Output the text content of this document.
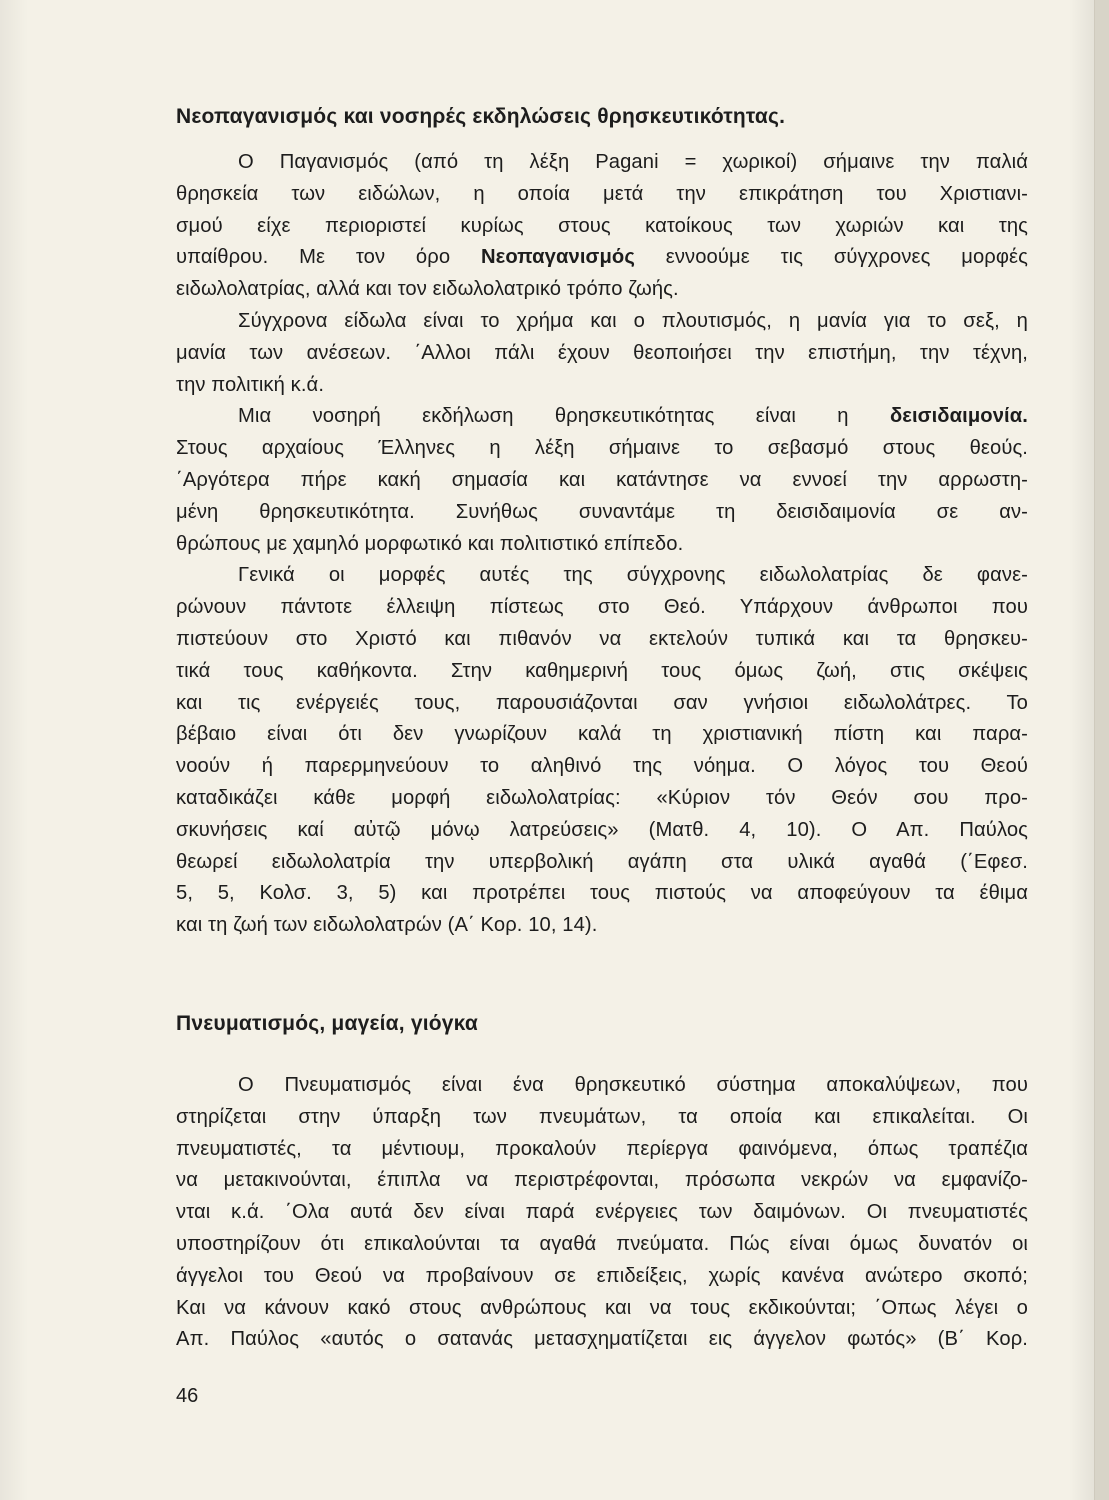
Νεοπαγανισμός και νοσηρές εκδηλώσεις θρησκευτικότητας.
Ο Παγανισμός (από τη λέξη Pagani = χωρικοί) σήμαινε την παλιά
θρησκεία των ειδώλων, η οποία μετά την επικράτηση του Χριστιανι-
σμού είχε περιοριστεί κυρίως στους κατοίκους των χωριών και της
υπαίθρου. Με τον όρο Νεοπαγανισμός εννοούμε τις σύγχρονες μορφές
ειδωλολατρίας, αλλά και τον ειδωλολατρικό τρόπο ζωής.
Σύγχρονα είδωλα είναι το χρήμα και ο πλουτισμός, η μανία για το σεξ, η
μανία των ανέσεων. ΄Αλλοι πάλι έχουν θεοποιήσει την επιστήμη, την τέχνη,
την πολιτική κ.ά.
Μια νοσηρή εκδήλωση θρησκευτικότητας είναι η δεισιδαιμονία.
Στους αρχαίους Έλληνες η λέξη σήμαινε το σεβασμό στους θεούς.
΄Αργότερα πήρε κακή σημασία και κατάντησε να εννοεί την αρρωστη-
μένη θρησκευτικότητα. Συνήθως συναντάμε τη δεισιδαιμονία σε αν-
θρώπους με χαμηλό μορφωτικό και πολιτιστικό επίπεδο.
Γενικά οι μορφές αυτές της σύγχρονης ειδωλολατρίας δε φανε-
ρώνουν πάντοτε έλλειψη πίστεως στο Θεό. Υπάρχουν άνθρωποι που
πιστεύουν στο Χριστό και πιθανόν να εκτελούν τυπικά και τα θρησκευ-
τικά τους καθήκοντα. Στην καθημερινή τους όμως ζωή, στις σκέψεις
και τις ενέργειές τους, παρουσιάζονται σαν γνήσιοι ειδωλολάτρες. Το
βέβαιο είναι ότι δεν γνωρίζουν καλά τη χριστιανική πίστη και παρα-
νοούν ή παρερμηνεύουν το αληθινό της νόημα. Ο λόγος του Θεού
καταδικάζει κάθε μορφή ειδωλολατρίας: «Κύριον τόν Θεόν σου προ-
σκυνήσεις καί αὐτῷ μόνῳ λατρεύσεις» (Ματθ. 4, 10). Ο Απ. Παύλος
θεωρεί ειδωλολατρία την υπερβολική αγάπη στα υλικά αγαθά (΄Εφεσ.
5, 5, Κολσ. 3, 5) και προτρέπει τους πιστούς να αποφεύγουν τα έθιμα
και τη ζωή των ειδωλολατρών (Α΄ Κορ. 10, 14).
Πνευματισμός, μαγεία, γιόγκα
Ο Πνευματισμός είναι ένα θρησκευτικό σύστημα αποκαλύψεων, που
στηρίζεται στην ύπαρξη των πνευμάτων, τα οποία και επικαλείται. Οι
πνευματιστές, τα μέντιουμ, προκαλούν περίεργα φαινόμενα, όπως τραπέζια
να μετακινούνται, έπιπλα να περιστρέφονται, πρόσωπα νεκρών να εμφανίζο-
νται κ.ά. ΄Ολα αυτά δεν είναι παρά ενέργειες των δαιμόνων. Οι πνευματιστές
υποστηρίζουν ότι επικαλούνται τα αγαθά πνεύματα. Πώς είναι όμως δυνατόν οι
άγγελοι του Θεού να προβαίνουν σε επιδείξεις, χωρίς κανένα ανώτερο σκοπό;
Και να κάνουν κακό στους ανθρώπους και να τους εκδικούνται; ΄Οπως λέγει ο
Απ. Παύλος «αυτός ο σατανάς μετασχηματίζεται εις άγγελον φωτός» (Β΄ Κορ.
46
